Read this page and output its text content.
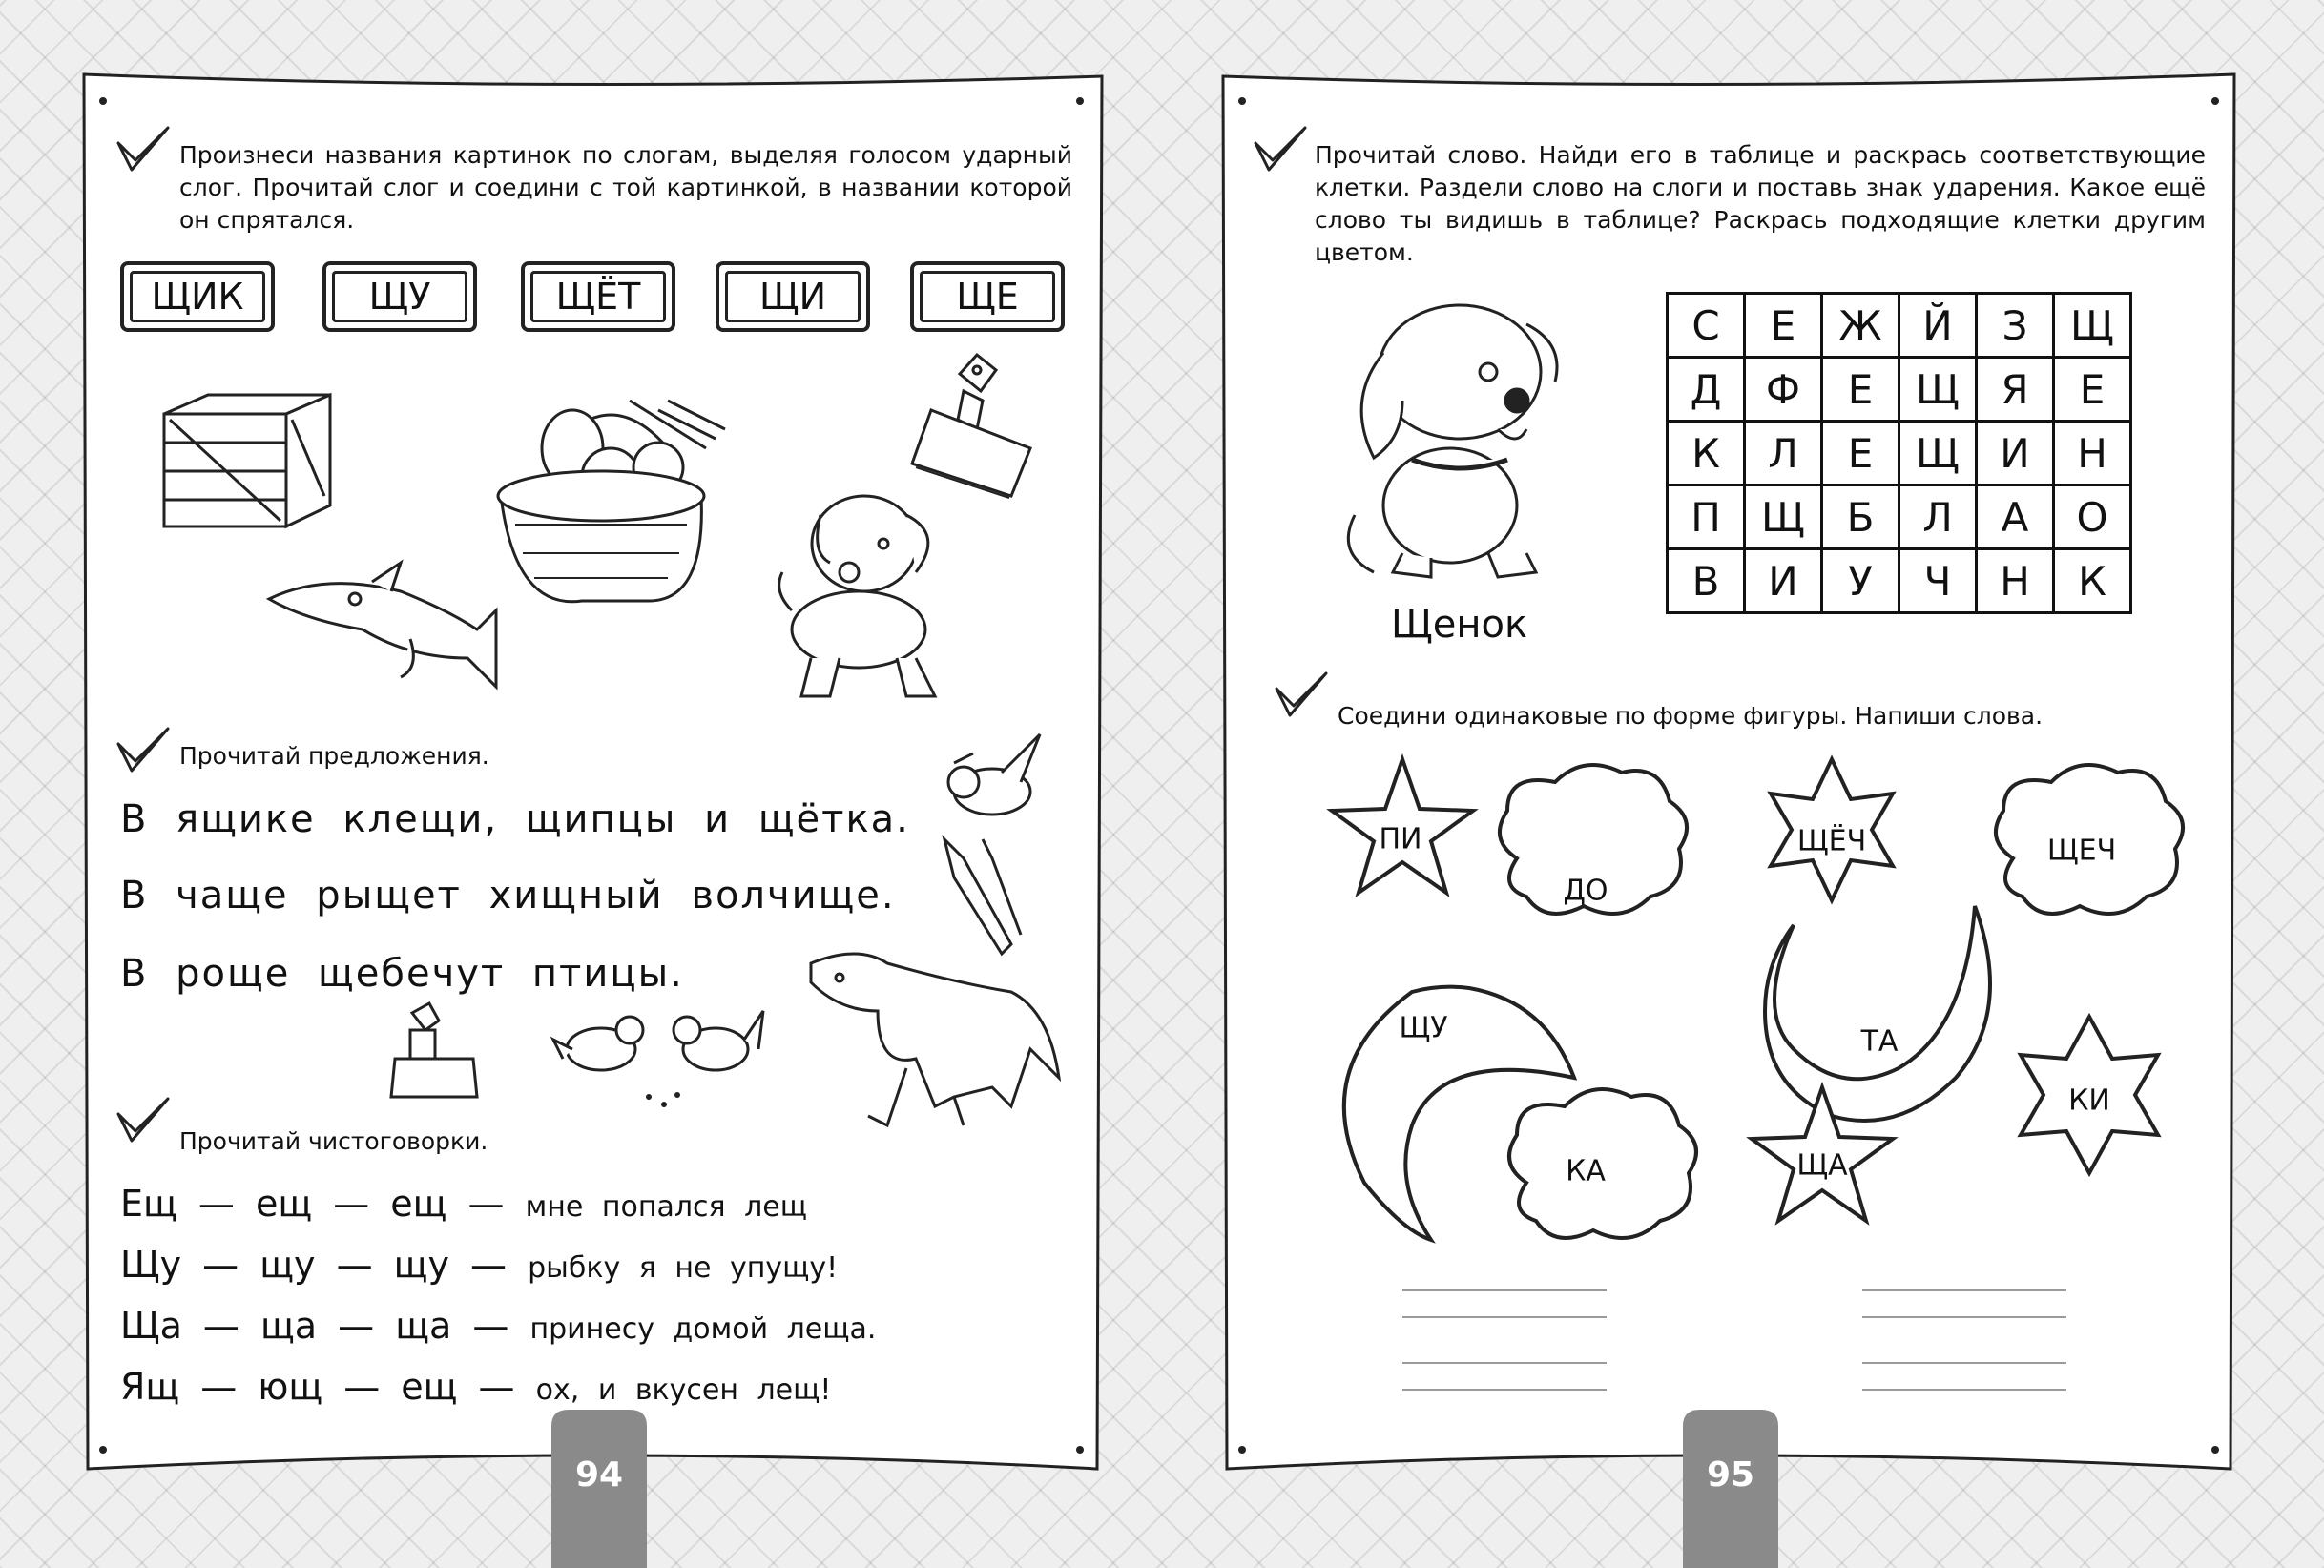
Произнеси названия картинок по слогам, выделяя голосом ударный слог. Прочитай слог и соедини с той картинкой, в названии которой он спрятался.
ЩИК	ЩУ	ЩЁТ	ЩИ	ЩЕ
Прочитай предложения.
В ящике клещи, щипцы и щётка.
В чаще рыщет хищный волчище.
В роще щебечут птицы.
Прочитай чистоговорки.
Ещ — ещ — ещ — мне попался лещ
Щу — щу — щу — рыбку я не упущу!
Ща — ща — ща — принесу домой леща.
Ящ — ющ — ещ — ох, и вкусен лещ!
94
Прочитай слово. Найди его в таблице и раскрась соответствующие клетки. Раздели слово на слоги и поставь знак ударения. Какое ещё слово ты видишь в таблице? Раскрась подходящие клетки другим цветом.
Щенок
С	Е	Ж	Й	З	Щ
Д	Ф	Е	Щ	Я	Е
К	Л	Е	Щ	И	Н
П	Щ	Б	Л	А	О
В	И	У	Ч	Н	К
Соедини одинаковые по форме фигуры. Напиши слова.
ПИ
ДО
ЩЁЧ	ЩЕЧ
ЩУ	ТА
КА	ЩА
КИ
95
